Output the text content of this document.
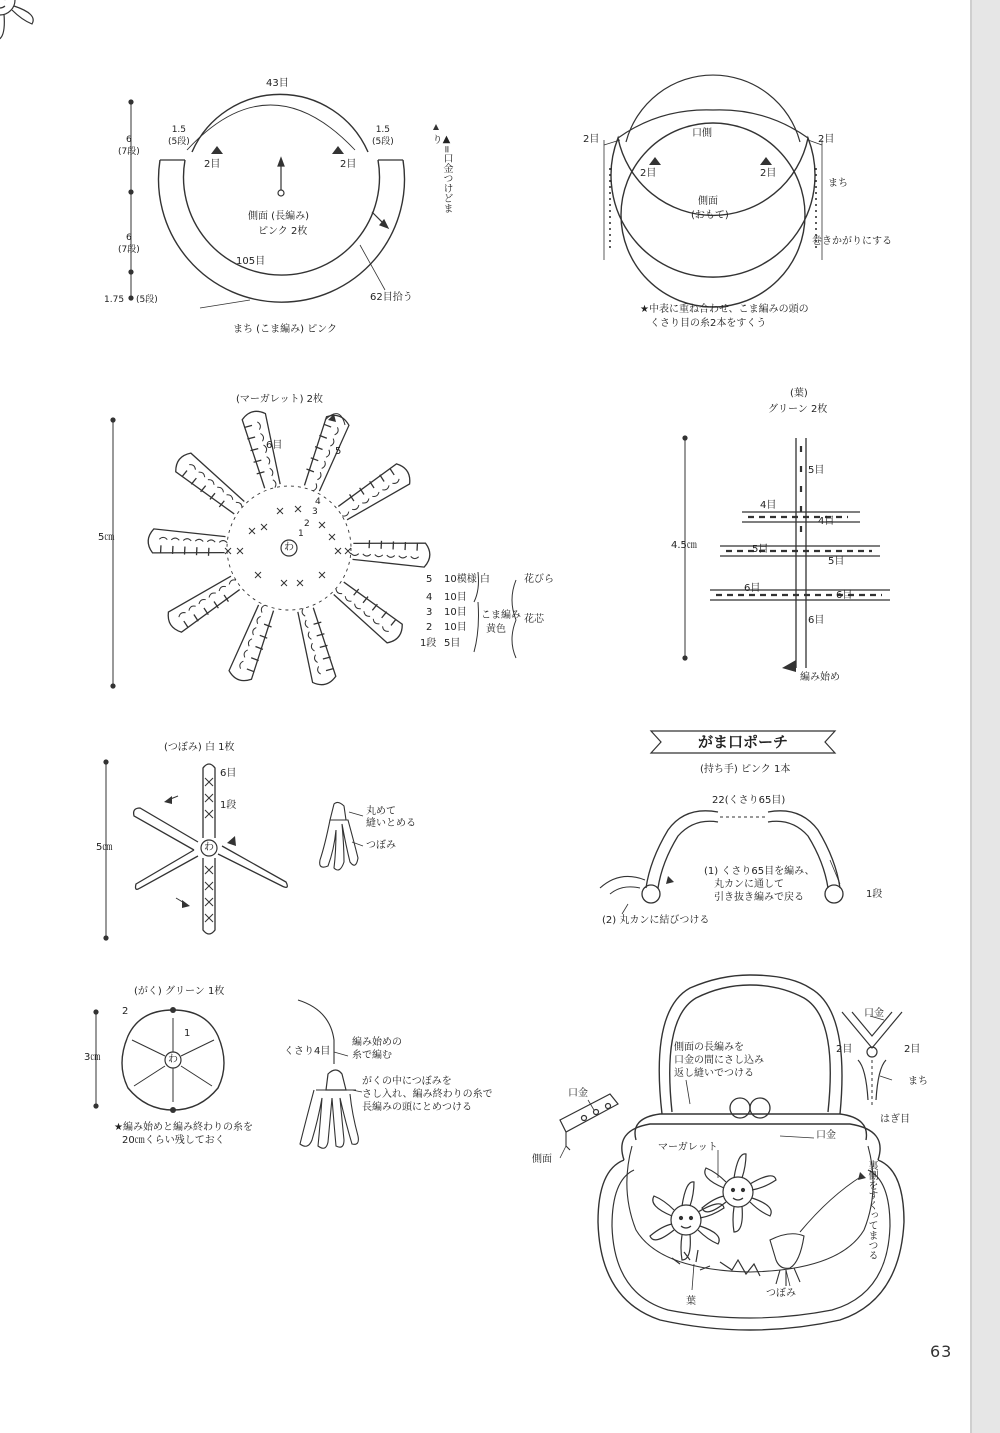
43目
1.5
(5段)
1.5
(5段)
2目	2目
6
(7段)
6
(7段)
1.75 (5段)
側面 (長編み)
ピンク 2枚
105目
62目拾う
まち (こま編み) ピンク
▲=口金つけどまり	口側
2目	2目
2目	2目
側面
(おもて)
まち
巻きかがりにする
★中表に重ね合わせ、こま編みの頭の
くさり目の糸2本をすくう
(マーガレット) 2枚
5㎝
6目
5
わ
4
3
2
1
5 10模様 白
4 10目
3 10目
2 10目
1段 5目
こま編み
黄色
花びら
花芯
(葉)
グリーン 2枚
4.5㎝
5目
4目
4目
5目
5目
6目
6目
6目
編み始め
(つぼみ) 白 1枚
5㎝
6目
1段
わ
丸めて
縫いとめる
つぼみ
がま口ポーチ
(持ち手) ピンク 1本
22(くさり65目)
(1) くさり65目を編み、
丸カンに通して
引き抜き編みで戻る	1段
(2) 丸カンに結びつける
(がく) グリーン 1枚
3㎝
2
1
わ
★編み始めと編み終わりの糸を
20㎝くらい残しておく
くさり4目
編み始めの
糸で編む
がくの中につぼみを
さし入れ、編み終わりの糸で
長編みの頭にとめつける
側面の長編みを
口金の間にさし込み
返し縫いでつける
口金
側面
口金
マーガレット
葉
つぼみ
裏側をすくってまつる
口金
2目	2目
まち
はぎ目
63
